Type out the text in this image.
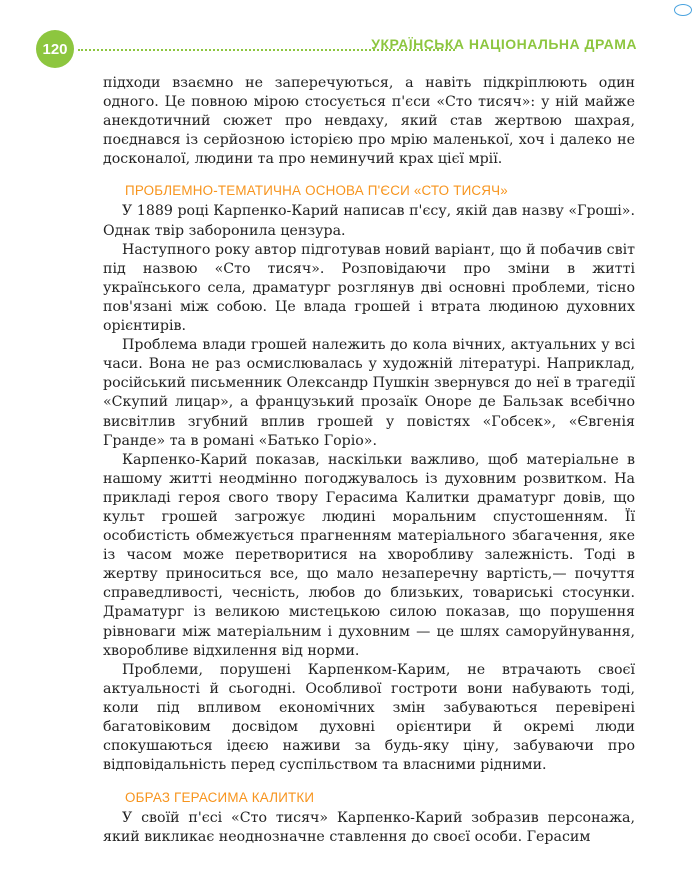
120	УКРАЇНСЬКА НАЦІОНАЛЬНА ДРАМА

підходи взаємно не заперечуються, а навіть підкріплюють один одного. Це повною мірою стосується п'єси «Сто тисяч»: у ній майже анекдотичний сюжет про невдаху, який став жертвою шахрая, поєднався із серйозною історією про мрію маленької, хоч і далеко не досконалої, людини та про неминучий крах цієї мрії.

ПРОБЛЕМНО-ТЕМАТИЧНА ОСНОВА П'ЄСИ «СТО ТИСЯЧ»

У 1889 році Карпенко-Карий написав п'єсу, якій дав назву «Гроші». Однак твір заборонила цензура.

Наступного року автор підготував новий варіант, що й побачив світ під назвою «Сто тисяч». Розповідаючи про зміни в житті українського села, драматург розглянув дві основні проблеми, тісно пов'язані між собою. Це влада грошей і втрата людиною духовних орієнтирів.

Проблема влади грошей належить до кола вічних, актуальних у всі часи. Вона не раз осмислювалась у художній літературі. Наприклад, російський письменник Олександр Пушкін звернувся до неї в трагедії «Скупий лицар», а французький прозаїк Оноре де Бальзак всебічно висвітлив згубний вплив грошей у повістях «Гобсек», «Євгенія Гранде» та в романі «Батько Горіо».

Карпенко-Карий показав, наскільки важливо, щоб матеріальне в нашому житті неодмінно погоджувалось із духовним розвитком. На прикладі героя свого твору Герасима Калитки драматург довів, що культ грошей загрожує людині моральним спустошенням. Її особистість обмежується прагненням матеріального збагачення, яке із часом може перетворитися на хворобливу залежність. Тоді в жертву приноситься все, що мало незаперечну вартість,— почуття справедливості, чесність, любов до близьких, товариські стосунки. Драматург із великою мистецькою силою показав, що порушення рівноваги між матеріальним і духовним — це шлях саморуйнування, хворобливе відхилення від норми.

Проблеми, порушені Карпенком-Карим, не втрачають своєї актуальності й сьогодні. Особливої гостроти вони набувають тоді, коли під впливом економічних змін забуваються перевірені багатовіковим досвідом духовні орієнтири й окремі люди спокушаються ідеєю наживи за будь-яку ціну, забуваючи про відповідальність перед суспільством та власними рідними.

ОБРАЗ ГЕРАСИМА КАЛИТКИ

У своїй п'єсі «Сто тисяч» Карпенко-Карий зобразив персонажа, який викликає неоднозначне ставлення до своєї особи. Герасим
